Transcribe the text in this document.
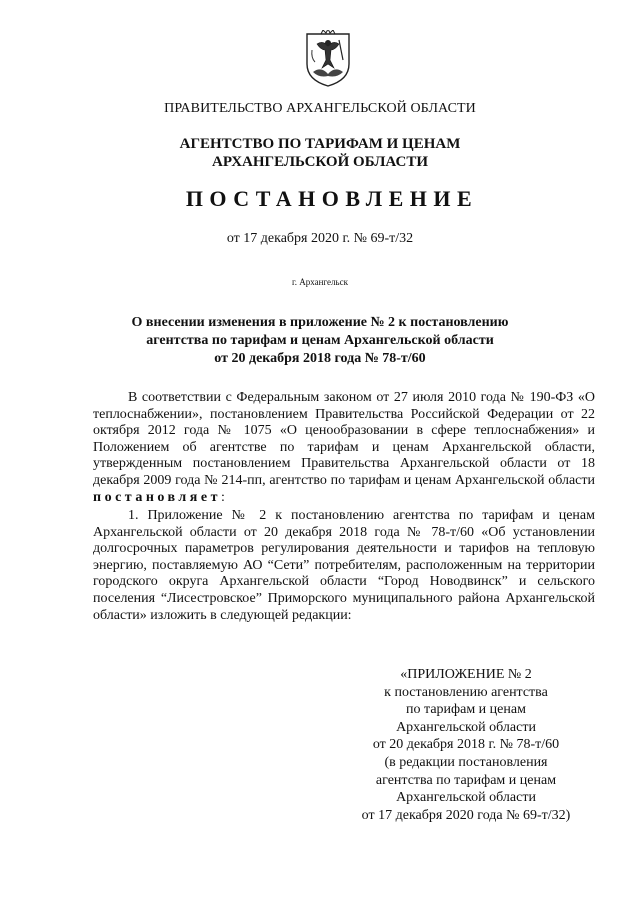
ПРАВИТЕЛЬСТВО АРХАНГЕЛЬСКОЙ ОБЛАСТИ
АГЕНТСТВО ПО ТАРИФАМ И ЦЕНАМ
АРХАНГЕЛЬСКОЙ ОБЛАСТИ
ПОСТАНОВЛЕНИЕ
от 17 декабря 2020 г. № 69-т/32
г. Архангельск
О внесении изменения в приложение № 2 к постановлению
агентства по тарифам и ценам Архангельской области
от 20 декабря 2018 года № 78-т/60

В соответствии с Федеральным законом от 27 июля 2010 года № 190-ФЗ «О теплоснабжении», постановлением Правительства Российской Федерации от 22 октября 2012 года № 1075 «О ценообразовании в сфере теплоснабжения» и Положением об агентстве по тарифам и ценам Архангельской области, утвержденным постановлением Правительства Архангельской области от 18 декабря 2009 года № 214-пп, агентство по тарифам и ценам Архангельской области постановляет:

1. Приложение № 2 к постановлению агентства по тарифам и ценам Архангельской области от 20 декабря 2018 года № 78-т/60 «Об установлении долгосрочных параметров регулирования деятельности и тарифов на тепловую энергию, поставляемую АО “Сети” потребителям, расположенным на территории городского округа Архангельской области “Город Новодвинск” и сельского поселения “Лисестровское” Приморского муниципального района Архангельской области» изложить в следующей редакции:

«ПРИЛОЖЕНИЕ № 2
к постановлению агентства
по тарифам и ценам
Архангельской области
от 20 декабря 2018 г. № 78-т/60
(в редакции постановления
агентства по тарифам и ценам
Архангельской области
от 17 декабря 2020 года № 69-т/32)
